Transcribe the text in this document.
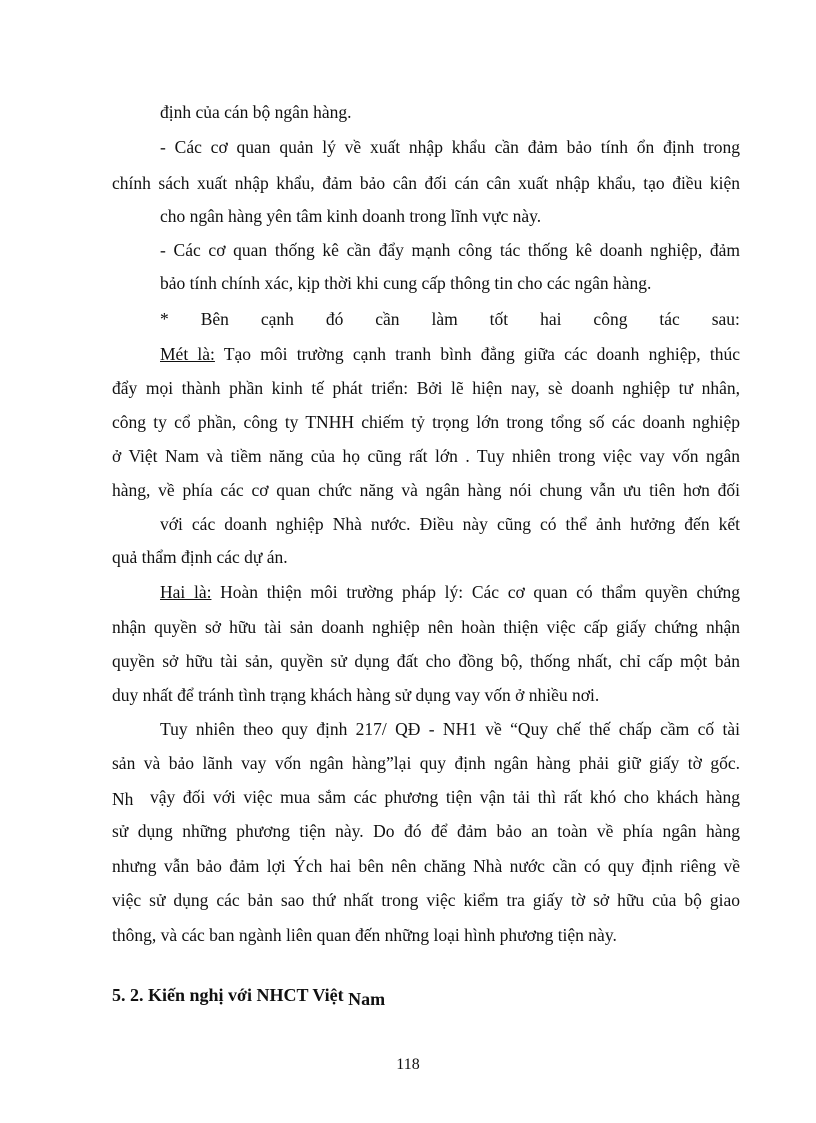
định của cán bộ ngân hàng.

- Các cơ quan quản lý về xuất nhập khẩu cần đảm bảo tính ổn định trong

chính sách xuất nhập khẩu, đảm bảo cân đối cán cân xuất nhập khẩu, tạo điều kiện

cho ngân hàng yên tâm kinh doanh trong lĩnh vực này.

- Các cơ quan thống kê cần đẩy mạnh công tác thống kê doanh nghiệp, đảm

bảo tính chính xác, kịp thời khi cung cấp thông tin cho các ngân hàng.

* Bên cạnh đó cần làm tốt hai công tác sau:

Mét là: Tạo môi trường cạnh tranh bình đẳng giữa các doanh nghiệp, thúc

đẩy mọi thành phần kinh tế phát triển: Bởi lẽ hiện nay, sè doanh nghiệp tư nhân,

công ty cổ phần, công ty TNHH chiếm tỷ trọng lớn trong tổng số các doanh nghiệp

ở Việt Nam và tiềm năng của họ cũng rất lớn . Tuy nhiên trong việc vay vốn ngân

hàng, về phía các cơ quan chức năng và ngân hàng nói chung vẫn ưu tiên hơn đối

với các doanh nghiệp Nhà nước. Điều này cũng có thể ảnh hưởng đến kết

quả thẩm định các dự án.

Hai là: Hoàn thiện môi trường pháp lý: Các cơ quan có thẩm quyền chứng

nhận quyền sở hữu tài sản doanh nghiệp nên hoàn thiện việc cấp giấy chứng nhận

quyền sở hữu tài sản, quyền sử dụng đất cho đồng bộ, thống nhất, chỉ cấp một bản

duy nhất để tránh tình trạng khách hàng sử dụng vay vốn ở nhiều nơi.

Tuy nhiên theo quy định 217/ QĐ - NH1 về “Quy chế thế chấp cầm cố tài

sản và bảo lãnh vay vốn ngân hàng”lại quy định ngân hàng phải giữ giấy tờ gốc.

Nh vậy đối với việc mua sắm các phương tiện vận tải thì rất khó cho khách hàng

sử dụng những phương tiện này. Do đó để đảm bảo an toàn về phía ngân hàng

nhưng vẫn bảo đảm lợi Ých hai bên nên chăng Nhà nước cần có quy định riêng về

việc sử dụng các bản sao thứ nhất trong việc kiểm tra giấy tờ sở hữu của bộ giao

thông, và các ban ngành liên quan đến những loại hình phương tiện này.

5. 2. Kiến nghị với NHCT Việt Nam

118
